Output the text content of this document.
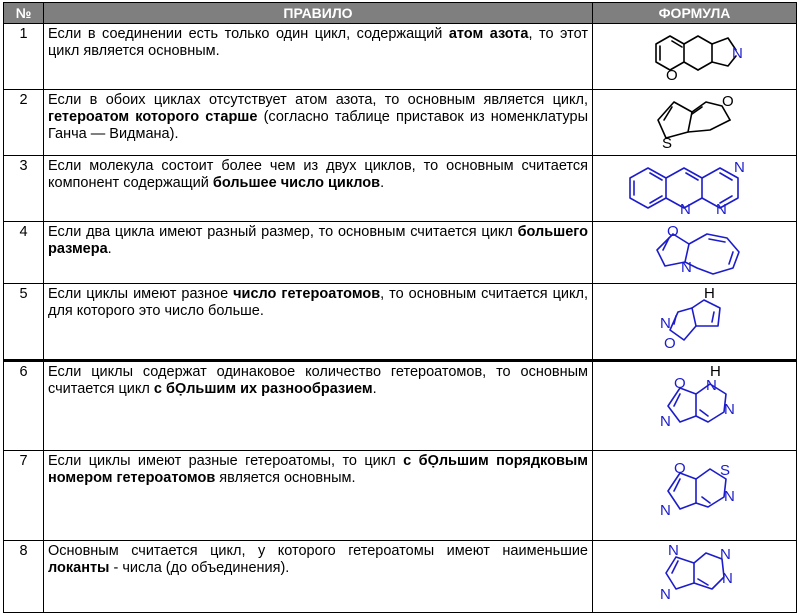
№	ПРАВИЛО	ФОРМУЛА
1	Если в соединении есть только один цикл, содержащий атом азота, то этот цикл является основным.	N
O

2	Если в обоих циклах отсутствует атом азота, то основным является цикл, гетероатом которого старше (согласно таблице приставок из номенклатуры Ганча — Видмана).	O
S

3	Если молекула состоит более чем из двух циклов, то основным считается компонент содержащий большее число циклов.	N
N N

4	Если два цикла имеют разный размер, то основным считается цикл большего размера.	O
N

5	Если циклы имеют разное число гетероатомов, то основным считается цикл, для которого это число больше.	H
N
O

6	Если циклы содержат одинаковое количество гетероатомов, то основным считается цикл с бỌльшим их разнообразием.	H
N
N
O
N

7	Если циклы имеют разные гетероатомы, то цикл с бỌльшим порядковым номером гетероатомов является основным.	S
N
O
N

8	Основным считается цикл, у которого гетероатомы имеют наименьшие локанты - числа (до объединения).	N
N
N
N
